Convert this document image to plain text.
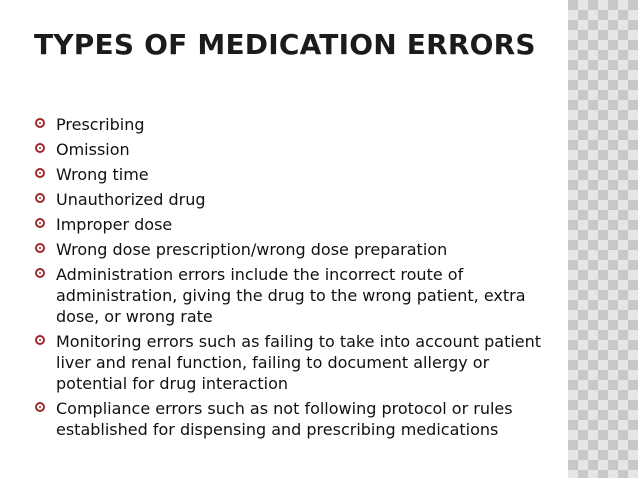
TYPES OF MEDICATION ERRORS
Prescribing
Omission
Wrong time
Unauthorized drug
Improper dose
Wrong dose prescription/wrong dose preparation
Administration errors include the incorrect route of administration, giving the drug to the wrong patient, extra dose, or wrong rate
Monitoring errors such as failing to take into account patient liver and renal function, failing to document allergy or potential for drug interaction
Compliance errors such as not following protocol or rules established for dispensing and prescribing medications
